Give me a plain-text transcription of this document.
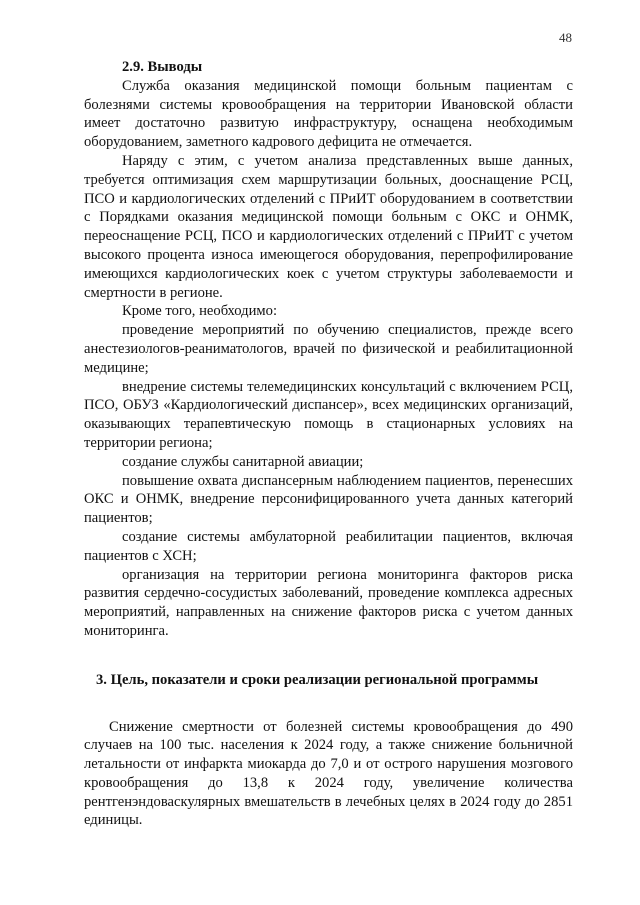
48
2.9. Выводы

Служба оказания медицинской помощи больным пациентам с болезнями системы кровообращения на территории Ивановской области имеет достаточно развитую инфраструктуру, оснащена необходимым оборудованием, заметного кадрового дефицита не отмечается.

Наряду с этим, с учетом анализа представленных выше данных, требуется оптимизация схем маршрутизации больных, дооснащение РСЦ, ПСО и кардиологических отделений с ПРиИТ оборудованием в соответствии с Порядками оказания медицинской помощи больным с ОКС и ОНМК, переоснащение РСЦ, ПСО и кардиологических отделений с ПРиИТ с учетом высокого процента износа имеющегося оборудования, перепрофилирование имеющихся кардиологических коек с учетом структуры заболеваемости и смертности в регионе.

Кроме того, необходимо:

проведение мероприятий по обучению специалистов, прежде всего анестезиологов-реаниматологов, врачей по физической и реабилитационной медицине;

внедрение системы телемедицинских консультаций с включением РСЦ, ПСО, ОБУЗ «Кардиологический диспансер», всех медицинских организаций, оказывающих терапевтическую помощь в стационарных условиях на территории региона;

создание службы санитарной авиации;

повышение охвата диспансерным наблюдением пациентов, перенесших ОКС и ОНМК, внедрение персонифицированного учета данных категорий пациентов;

создание системы амбулаторной реабилитации пациентов, включая пациентов с ХСН;

организация на территории региона мониторинга факторов риска развития сердечно-сосудистых заболеваний, проведение комплекса адресных мероприятий, направленных на снижение факторов риска с учетом данных мониторинга.

3. Цель, показатели и сроки реализации региональной программы

Снижение смертности от болезней системы кровообращения до 490 случаев на 100 тыс. населения к 2024 году, а также снижение больничной летальности от инфаркта миокарда до 7,0 и от острого нарушения мозгового кровообращения до 13,8 к 2024 году, увеличение количества рентгенэндоваскулярных вмешательств в лечебных целях в 2024 году до 2851 единицы.
